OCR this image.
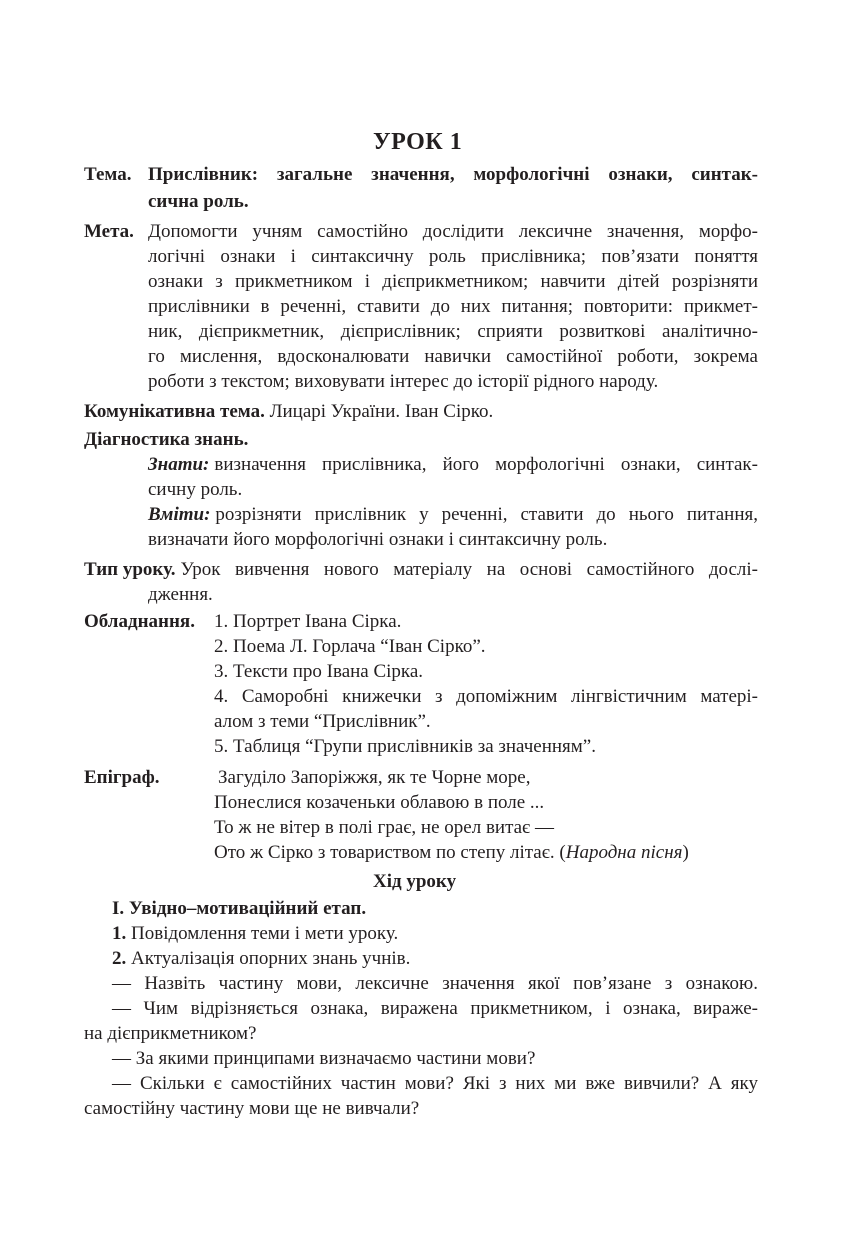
УРОК 1
Тема. Прислівник: загальне значення, морфологічні ознаки, синтак-
сична роль.
Мета. Допомогти учням самостійно дослідити лексичне значення, морфо-
логічні ознаки і синтаксичну роль прислівника; пов’язати поняття
ознаки з прикметником і дієприкметником; навчити дітей розрізняти
прислівники в реченні, ставити до них питання; повторити: прикмет-
ник, дієприкметник, дієприслівник; сприяти розвиткові аналітично-
го мислення, вдосконалювати навички самостійної роботи, зокрема
роботи з текстом; виховувати інтерес до історії рідного народу.
Комунікативна тема. Лицарі України. Іван Сірко.
Діагностика знань.
Знати: визначення прислівника, його морфологічні ознаки, синтак-
сичну роль.
Вміти: розрізняти прислівник у реченні, ставити до нього питання,
визначати його морфологічні ознаки і синтаксичну роль.
Тип уроку. Урок вивчення нового матеріалу на основі самостійного дослі-
дження.
Обладнання. 1. Портрет Івана Сірка.
2. Поема Л. Горлача “Іван Сірко”.
3. Тексти про Івана Сірка.
4. Саморобні книжечки з допоміжним лінгвістичним матері-
алом з теми “Прислівник”.
5. Таблиця “Групи прислівників за значенням”.
Епіграф.	Загуділо Запоріжжя, як те Чорне море,
Понеслися козаченьки облавою в поле ...
То ж не вітер в полі грає, не орел витає —
Ото ж Сірко з товариством по степу літає. (Народна пісня)
Хід уроку
I. Увідно–мотиваційний етап.
1. Повідомлення теми і мети уроку.
2. Актуалізація опорних знань учнів.
— Назвіть частину мови, лексичне значення якої пов’язане з ознакою.
— Чим відрізняється ознака, виражена прикметником, і ознака, вираже-
на дієприкметником?
— За якими принципами визначаємо частини мови?
— Скільки є самостійних частин мови? Які з них ми вже вивчили? А яку
самостійну частину мови ще не вивчали?
